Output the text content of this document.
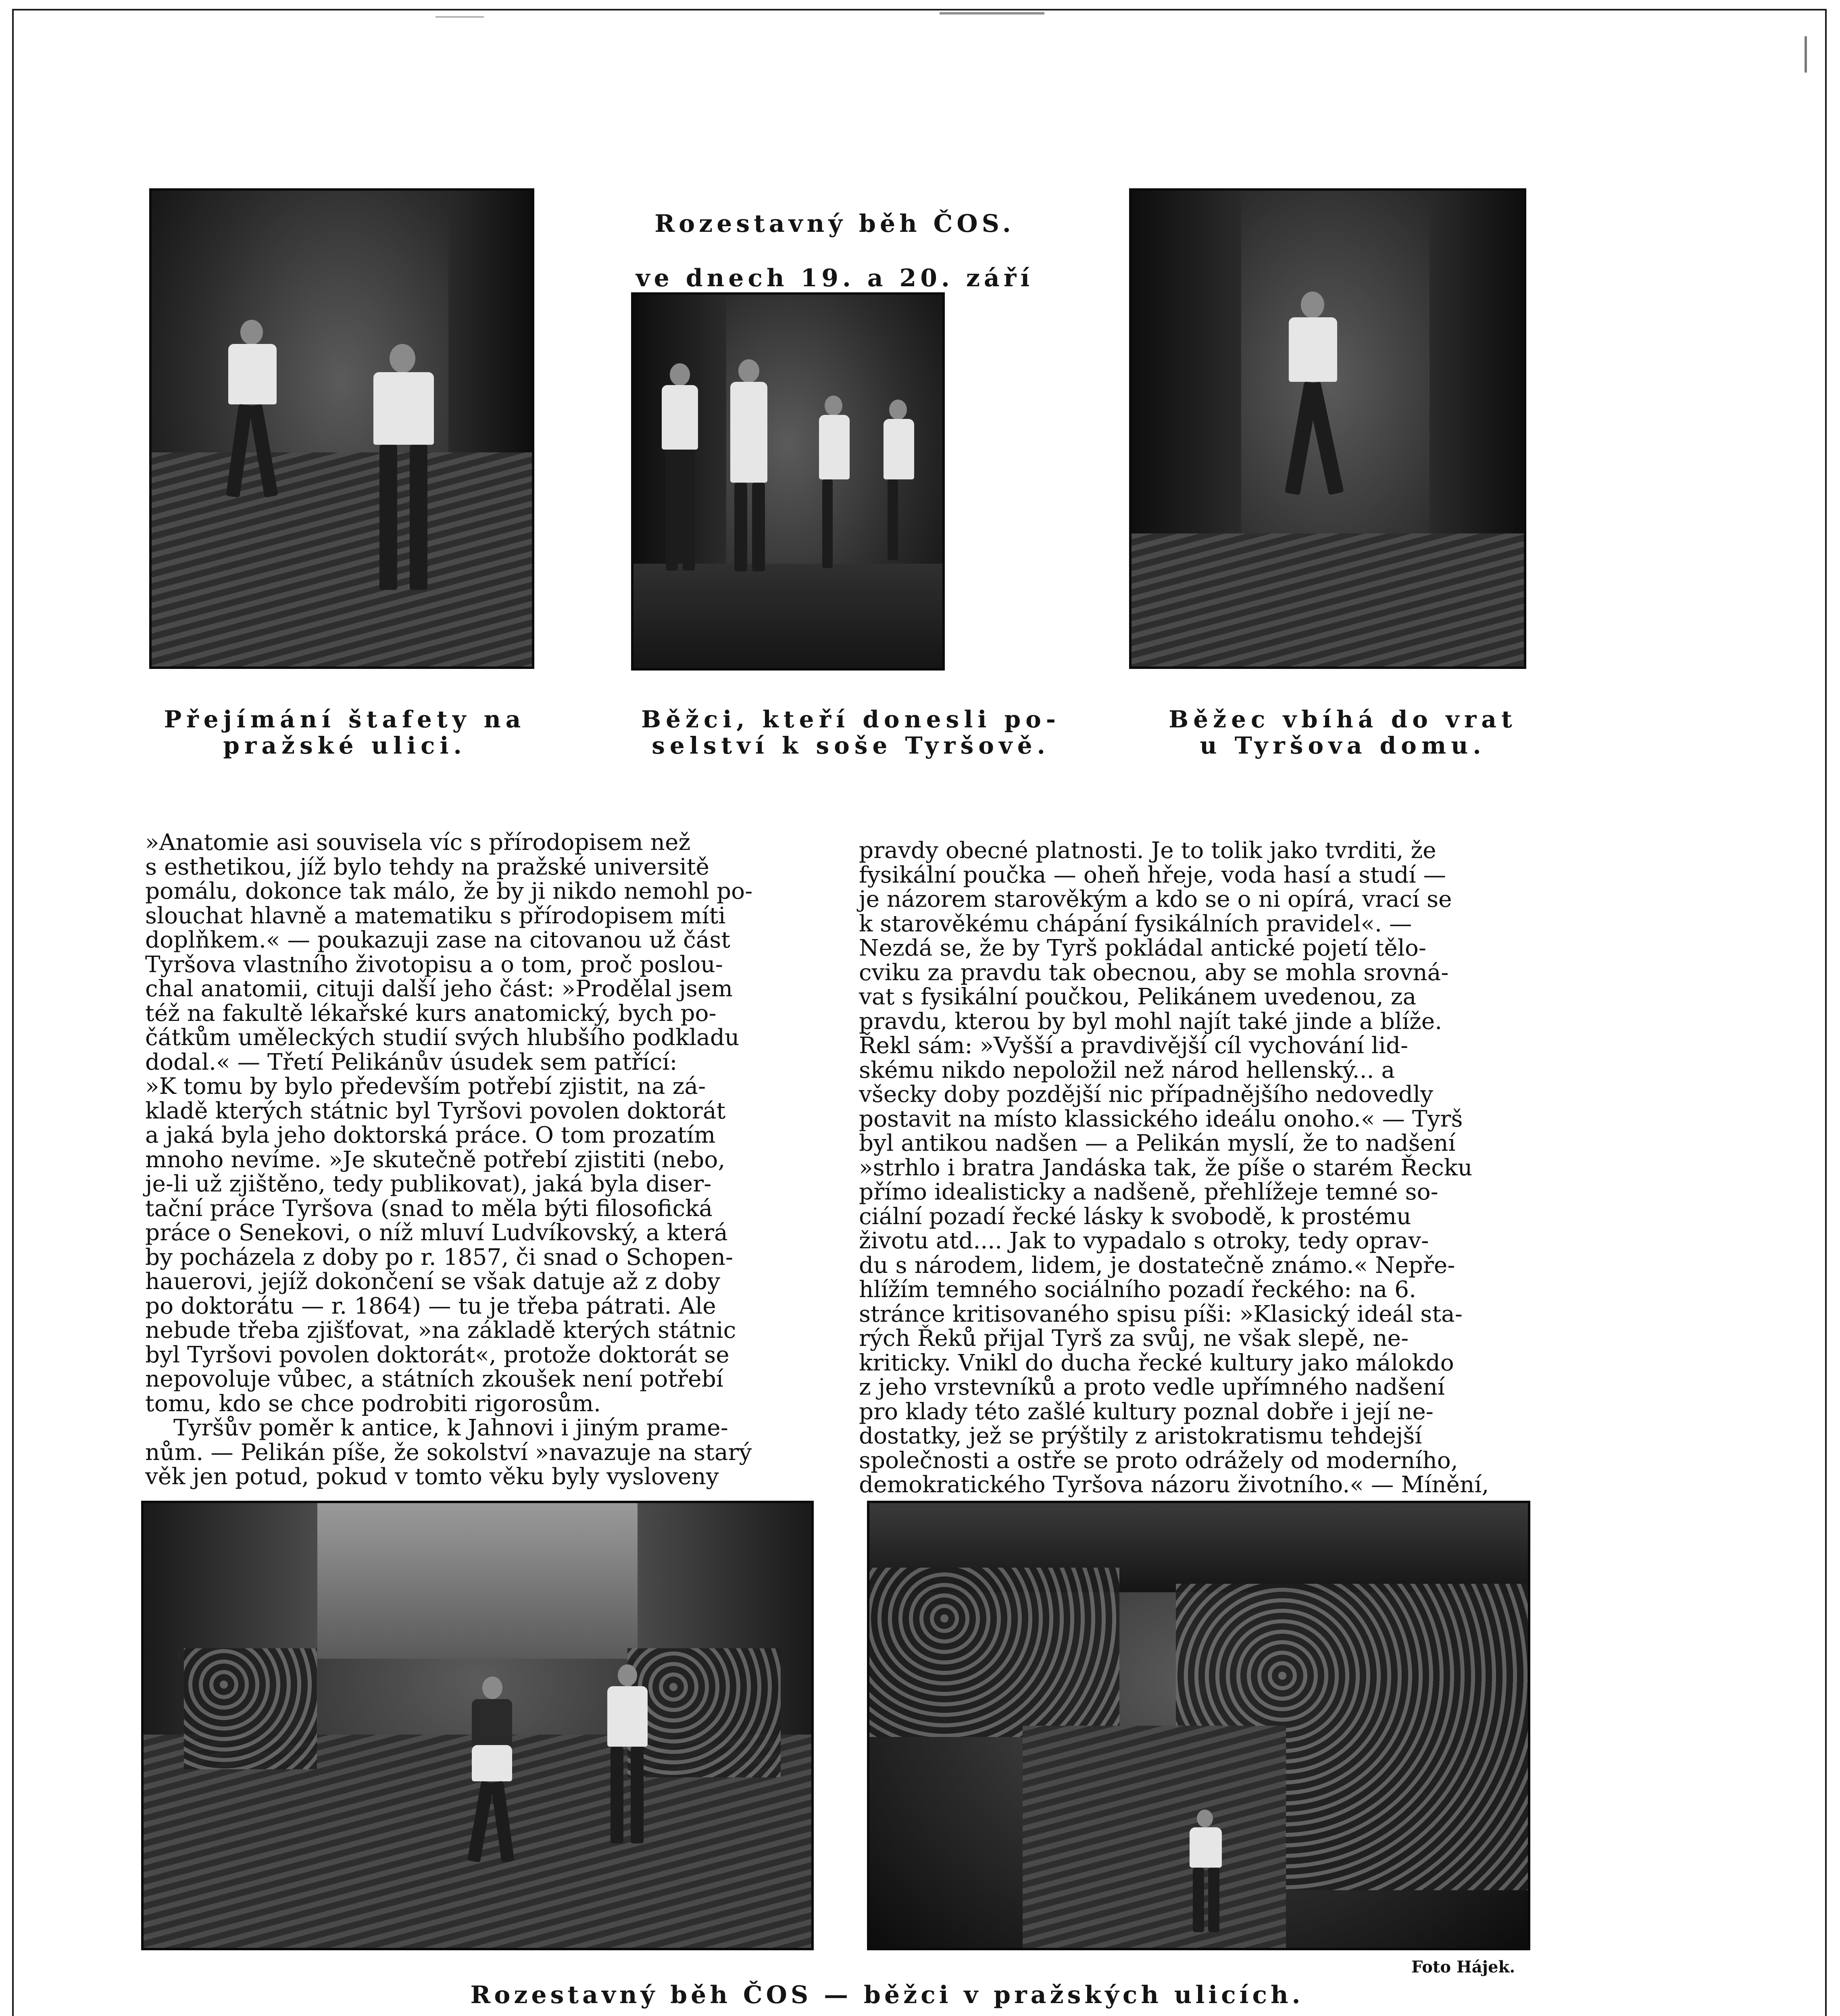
Rozestavný běh ČOS.

ve dnech 19. a 20. září

Přejímání štafety na
pražské ulici.
Běžci, kteří donesli po-
selství k soše Tyršově.
Běžec vbíhá do vrat
u Tyršova domu.
»Anatomie asi souvisela víc s přírodopisem než
s esthetikou, jíž bylo tehdy na pražské universitě
pomálu, dokonce tak málo, že by ji nikdo nemohl po-
slouchat hlavně a matematiku s přírodopisem míti
doplňkem.« — poukazuji zase na citovanou už část
Tyršova vlastního životopisu a o tom, proč poslou-
chal anatomii, cituji další jeho část: »Prodělal jsem
též na fakultě lékařské kurs anatomický, bych po-
čátkům uměleckých studií svých hlubšího podkladu
dodal.« — Třetí Pelikánův úsudek sem patřící:
»K tomu by bylo především potřebí zjistit, na zá-
kladě kterých státnic byl Tyršovi povolen doktorát
a jaká byla jeho doktorská práce. O tom prozatím
mnoho nevíme. »Je skutečně potřebí zjistiti (nebo,
je-li už zjištěno, tedy publikovat), jaká byla diser-
tační práce Tyršova (snad to měla býti filosofická
práce o Senekovi, o níž mluví Ludvíkovský, a která
by pocházela z doby po r. 1857, či snad o Schopen-
hauerovi, jejíž dokončení se však datuje až z doby
po doktorátu — r. 1864) — tu je třeba pátrati. Ale
nebude třeba zjišťovat, »na základě kterých státnic
byl Tyršovi povolen doktorát«, protože doktorát se
nepovoluje vůbec, a státních zkoušek není potřebí
tomu, kdo se chce podrobiti rigorosům.
Tyršův poměr k antice, k Jahnovi i jiným prame-
nům. — Pelikán píše, že sokolství »navazuje na starý
věk jen potud, pokud v tomto věku byly vysloveny
pravdy obecné platnosti. Je to tolik jako tvrditi, že
fysikální poučka — oheň hřeje, voda hasí a studí —
je názorem starověkým a kdo se o ni opírá, vrací se
k starověkému chápání fysikálních pravidel«. —
Nezdá se, že by Tyrš pokládal antické pojetí tělo-
cviku za pravdu tak obecnou, aby se mohla srovná-
vat s fysikální poučkou, Pelikánem uvedenou, za
pravdu, kterou by byl mohl najít také jinde a blíže.
Řekl sám: »Vyšší a pravdivější cíl vychování lid-
skému nikdo nepoložil než národ hellenský... a
všecky doby pozdější nic případnějšího nedovedly
postavit na místo klassického ideálu onoho.« — Tyrš
byl antikou nadšen — a Pelikán myslí, že to nadšení
»strhlo i bratra Jandáska tak, že píše o starém Řecku
přímo idealisticky a nadšeně, přehlížeje temné so-
ciální pozadí řecké lásky k svobodě, k prostému
životu atd.... Jak to vypadalo s otroky, tedy oprav-
du s národem, lidem, je dostatečně známo.« Nepře-
hlížím temného sociálního pozadí řeckého: na 6.
stránce kritisovaného spisu píši: »Klasický ideál sta-
rých Řeků přijal Tyrš za svůj, ne však slepě, ne-
kriticky. Vnikl do ducha řecké kultury jako málokdo
z jeho vrstevníků a proto vedle upřímného nadšení
pro klady této zašlé kultury poznal dobře i její ne-
dostatky, jež se prýštily z aristokratismu tehdejší
společnosti a ostře se proto odrážely od moderního,
demokratického Tyršova názoru životního.« — Mínění,
Foto Hájek.
Rozestavný běh ČOS — běžci v pražských ulicích.
